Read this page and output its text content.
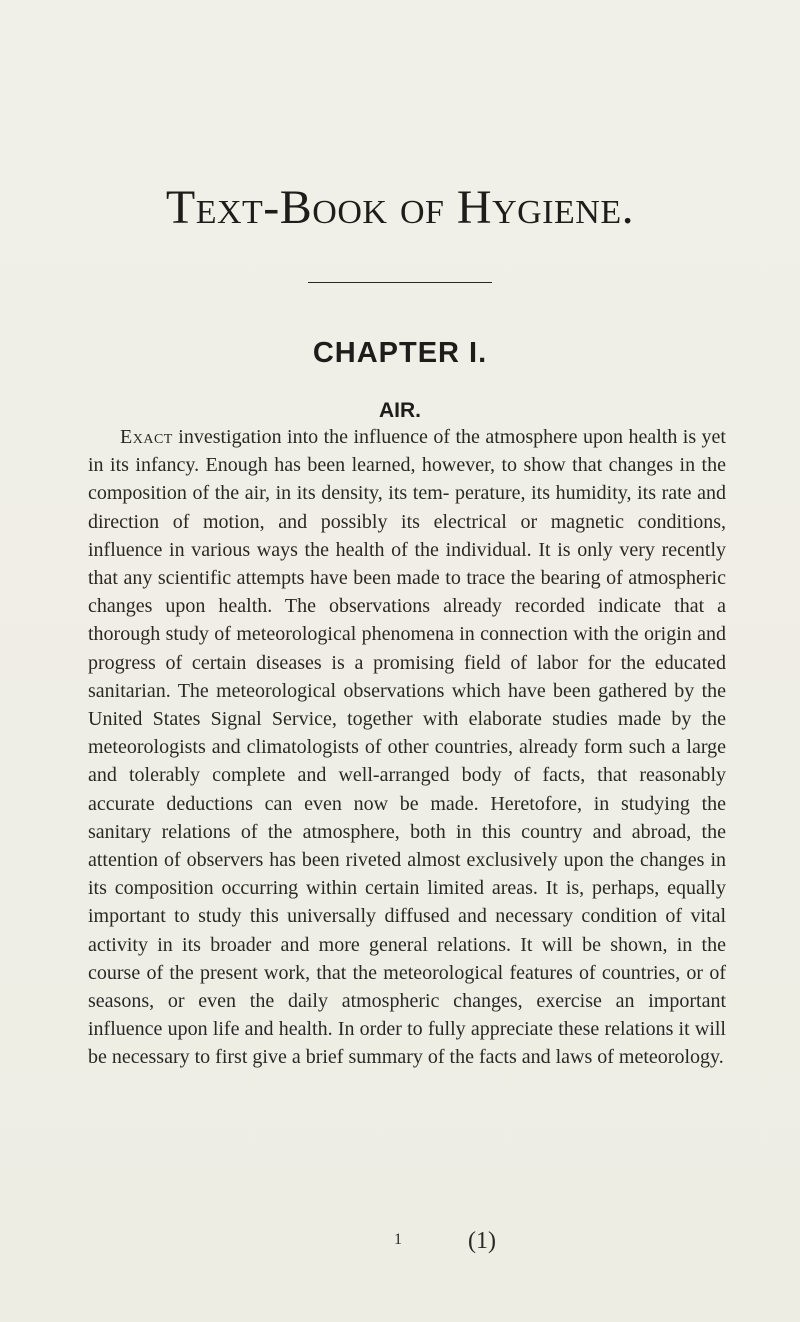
Text-Book of Hygiene.
CHAPTER I.
AIR.

Exact investigation into the influence of the atmosphere upon health is yet in its infancy. Enough has been learned, however, to show that changes in the composition of the air, in its density, its tem- perature, its humidity, its rate and direction of motion, and possibly its electrical or magnetic conditions, influence in various ways the health of the individual. It is only very recently that any scientific attempts have been made to trace the bearing of atmospheric changes upon health. The observations already recorded indicate that a thorough study of meteorological phenomena in connection with the origin and progress of certain diseases is a promising field of labor for the educated sanitarian. The meteorological observations which have been gathered by the United States Signal Service, together with elaborate studies made by the meteorologists and climatologists of other countries, already form such a large and tolerably complete and well-arranged body of facts, that reasonably accurate deductions can even now be made. Heretofore, in studying the sanitary relations of the atmosphere, both in this country and abroad, the attention of observers has been riveted almost exclusively upon the changes in its composition occurring within certain limited areas. It is, perhaps, equally important to study this universally diffused and necessary condition of vital activity in its broader and more general relations. It will be shown, in the course of the present work, that the meteorological features of countries, or of seasons, or even the daily atmospheric changes, exercise an important influence upon life and health. In order to fully appreciate these relations it will be necessary to first give a brief summary of the facts and laws of meteorology.

1	(1)
